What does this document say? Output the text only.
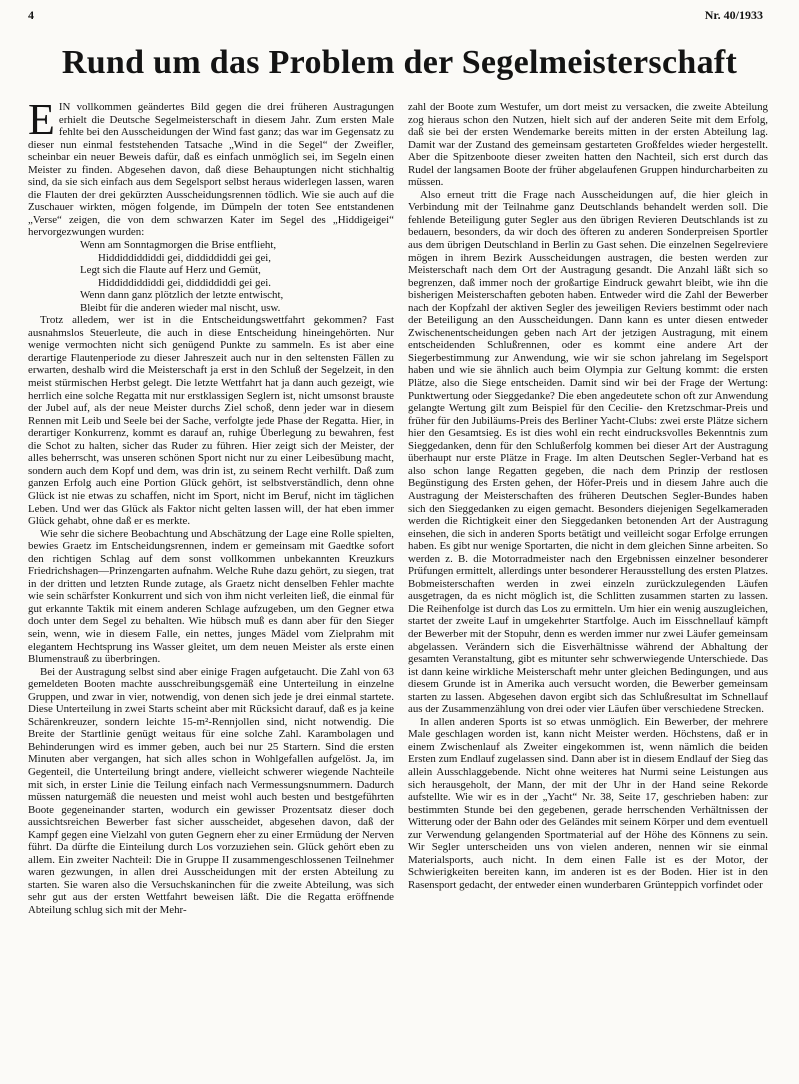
4	Nr. 40/1933
Rund um das Problem der Segelmeisterschaft

EIN vollkommen geändertes Bild gegen die drei früheren Austragungen erhielt die Deutsche Segelmeisterschaft in diesem Jahr. Zum ersten Male fehlte bei den Ausscheidungen der Wind fast ganz; das war im Gegensatz zu dieser nun einmal feststehenden Tatsache „Wind in die Segel“ der Zweifler, scheinbar ein neuer Beweis dafür, daß es einfach unmöglich sei, im Segeln einen Meister zu finden. Abgesehen davon, daß diese Behauptungen nicht stichhaltig sind, da sie sich einfach aus dem Segelsport selbst heraus widerlegen lassen, waren die Flauten der drei gekürzten Ausscheidungsrennen tödlich. Wie sie auch auf die Zuschauer wirkten, mögen folgende, im Dümpeln der toten See entstandenen „Verse“ zeigen, die von dem schwarzen Kater im Segel des „Hiddigeigei“ hervorgezwungen wurden:

Wenn am Sonntagmorgen die Brise entflieht,
Hiddiddiddiddi gei, diddiddiddi gei gei,
Legt sich die Flaute auf Herz und Gemüt,
Hiddiddiddiddi gei, diddiddiddi gei gei.
Wenn dann ganz plötzlich der letzte entwischt,
Bleibt für die anderen wieder mal nischt, usw.

Trotz alledem, wer ist in die Entscheidungswettfahrt gekommen? Fast ausnahmslos Steuerleute, die auch in diese Entscheidung hineingehörten. Nur wenige vermochten nicht sich genügend Punkte zu sammeln. Es ist aber eine derartige Flautenperiode zu dieser Jahreszeit auch nur in den seltensten Fällen zu erwarten, deshalb wird die Meisterschaft ja erst in den Schluß der Segelzeit, in den meist stürmischen Herbst gelegt. Die letzte Wettfahrt hat ja dann auch gezeigt, wie herrlich eine solche Regatta mit nur erstklassigen Seglern ist, nicht umsonst brauste der Jubel auf, als der neue Meister durchs Ziel schoß, denn jeder war in diesem Rennen mit Leib und Seele bei der Sache, verfolgte jede Phase der Regatta. Hier, in derartiger Konkurrenz, kommt es darauf an, ruhige Überlegung zu bewahren, fest die Schot zu halten, sicher das Ruder zu führen. Hier zeigt sich der Meister, der alles beherrscht, was unseren schönen Sport nicht nur zu einer Leibesübung macht, sondern auch dem Kopf und dem, was drin ist, zu seinem Recht verhilft. Daß zum ganzen Erfolg auch eine Portion Glück gehört, ist selbstverständlich, denn ohne Glück ist nie etwas zu schaffen, nicht im Sport, nicht im Beruf, nicht im täglichen Leben. Und wer das Glück als Faktor nicht gelten lassen will, der hat eben immer Glück gehabt, ohne daß er es merkte.

Wie sehr die sichere Beobachtung und Abschätzung der Lage eine Rolle spielten, bewies Graetz im Entscheidungsrennen, indem er gemeinsam mit Gaedtke sofort den richtigen Schlag auf dem sonst vollkommen unbekannten Kreuzkurs Friedrichshagen—Prinzengarten aufnahm. Welche Ruhe dazu gehört, zu siegen, trat in der dritten und letzten Runde zutage, als Graetz nicht denselben Fehler machte wie sein schärfster Konkurrent und sich von ihm nicht verleiten ließ, die einmal für gut erkannte Taktik mit einem anderen Schlage aufzugeben, um den Gegner etwa doch unter dem Segel zu behalten. Wie hübsch muß es dann aber für den Sieger sein, wenn, wie in diesem Falle, ein nettes, junges Mädel vom Zielprahm mit elegantem Hechtsprung ins Wasser gleitet, um dem neuen Meister als erste einen Blumenstrauß zu überbringen.

Bei der Austragung selbst sind aber einige Fragen aufgetaucht. Die Zahl von 63 gemeldeten Booten machte ausschreibungsgemäß eine Unterteilung in einzelne Gruppen, und zwar in vier, notwendig, von denen sich jede je drei einmal startete. Diese Unterteilung in zwei Starts scheint aber mit Rücksicht darauf, daß es ja keine Schärenkreuzer, sondern leichte 15-m²-Rennjollen sind, nicht notwendig. Die Breite der Startlinie genügt weitaus für eine solche Zahl. Karambolagen und Behinderungen wird es immer geben, auch bei nur 25 Startern. Sind die ersten Minuten aber vergangen, hat sich alles schon in Wohlgefallen aufgelöst. Ja, im Gegenteil, die Unterteilung bringt andere, vielleicht schwerer wiegende Nachteile mit sich, in erster Linie die Teilung einfach nach Vermessungsnummern. Dadurch müssen naturgemäß die neuesten und meist wohl auch besten und bestgeführten Boote gegeneinander starten, wodurch ein gewisser Prozentsatz dieser doch aussichtsreichen Bewerber fast sicher ausscheidet, abgesehen davon, daß der Kampf gegen eine Vielzahl von guten Gegnern eher zu einer Ermüdung der Nerven führt. Da dürfte die Einteilung durch Los vorzuziehen sein. Glück gehört eben zu allem. Ein zweiter Nachteil: Die in Gruppe II zusammengeschlossenen Teilnehmer waren gezwungen, in allen drei Ausscheidungen mit der ersten Abteilung zu starten. Sie waren also die Versuchskaninchen für die zweite Abteilung, was sich sehr gut aus der ersten Wettfahrt beweisen läßt. Die die Regatta eröffnende Abteilung schlug sich mit der Mehr-

zahl der Boote zum Westufer, um dort meist zu versacken, die zweite Abteilung zog hieraus schon den Nutzen, hielt sich auf der anderen Seite mit dem Erfolg, daß sie bei der ersten Wendemarke bereits mitten in der ersten Abteilung lag. Damit war der Zustand des gemeinsam gestarteten Großfeldes wieder hergestellt. Aber die Spitzenboote dieser zweiten hatten den Nachteil, sich erst durch das Rudel der langsamen Boote der früher abgelaufenen Gruppen hindurcharbeiten zu müssen.

Also erneut tritt die Frage nach Ausscheidungen auf, die hier gleich in Verbindung mit der Teilnahme ganz Deutschlands behandelt werden soll. Die fehlende Beteiligung guter Segler aus den übrigen Revieren Deutschlands ist zu bedauern, besonders, da wir doch des öfteren zu anderen Sonderpreisen Sportler aus dem übrigen Deutschland in Berlin zu Gast sehen. Die einzelnen Segelreviere mögen in ihrem Bezirk Ausscheidungen austragen, die besten werden zur Meisterschaft nach dem Ort der Austragung gesandt. Die Anzahl läßt sich so begrenzen, daß immer noch der großartige Eindruck gewahrt bleibt, wie ihn die bisherigen Meisterschaften geboten haben. Entweder wird die Zahl der Bewerber nach der Kopfzahl der aktiven Segler des jeweiligen Reviers bestimmt oder nach der Beteiligung an den Ausscheidungen. Dann kann es unter diesen entweder Zwischenentscheidungen geben nach Art der jetzigen Austragung, mit einem entscheidenden Schlußrennen, oder es kommt eine andere Art der Siegerbestimmung zur Anwendung, wie wir sie schon jahrelang im Segelsport haben und wie sie ähnlich auch beim Olympia zur Geltung kommt: die ersten Plätze, also die Siege entscheiden. Damit sind wir bei der Frage der Wertung: Punktwertung oder Sieggedanke? Die eben angedeutete schon oft zur Anwendung gelangte Wertung gilt zum Beispiel für den Cecilie- den Kretzschmar-Preis und früher für den Jubiläums-Preis des Berliner Yacht-Clubs: zwei erste Plätze sichern hier den Gesamtsieg. Es ist dies wohl ein recht eindrucksvolles Bekenntnis zum Sieggedanken, denn für den Schlußerfolg kommen bei dieser Art der Austragung überhaupt nur erste Plätze in Frage. Im alten Deutschen Segler-Verband hat es also schon lange Regatten gegeben, die nach dem Prinzip der restlosen Begünstigung des Ersten gehen, der Höfer-Preis und in diesem Jahre auch die Austragung der Meisterschaften des früheren Deutschen Segler-Bundes haben sich den Sieggedanken zu eigen gemacht. Besonders diejenigen Segelkameraden werden die Richtigkeit einer den Sieggedanken betonenden Art der Austragung einsehen, die sich in anderen Sports betätigt und veilleicht sogar Erfolge errungen haben. Es gibt nur wenige Sportarten, die nicht in dem gleichen Sinne arbeiten. So werden z. B. die Motorradmeister nach den Ergebnissen einzelner besonderer Prüfungen ermittelt, allerdings unter besonderer Herausstellung des ersten Platzes. Bobmeisterschaften werden in zwei einzeln zurückzulegenden Läufen ausgetragen, da es nicht möglich ist, die Schlitten zusammen starten zu lassen. Die Reihenfolge ist durch das Los zu ermitteln. Um hier ein wenig auszugleichen, startet der zweite Lauf in umgekehrter Startfolge. Auch im Eisschnellauf kämpft der Bewerber mit der Stopuhr, denn es werden immer nur zwei Läufer gemeinsam abgelassen. Verändern sich die Eisverhältnisse während der Abhaltung der gesamten Veranstaltung, gibt es mitunter sehr schwerwiegende Unterschiede. Das ist dann keine wirkliche Meisterschaft mehr unter gleichen Bedingungen, und aus diesem Grunde ist in Amerika auch versucht worden, die Bewerber gemeinsam starten zu lassen. Abgesehen davon ergibt sich das Schlußresultat im Schnellauf aus der Zusammenzählung von drei oder vier Läufen über verschiedene Strecken.

In allen anderen Sports ist so etwas unmöglich. Ein Bewerber, der mehrere Male geschlagen worden ist, kann nicht Meister werden. Höchstens, daß er in einem Zwischenlauf als Zweiter eingekommen ist, wenn nämlich die beiden Ersten zum Endlauf zugelassen sind. Dann aber ist in diesem Endlauf der Sieg das allein Ausschlaggebende. Nicht ohne weiteres hat Nurmi seine Leistungen aus sich herausgeholt, der Mann, der mit der Uhr in der Hand seine Rekorde aufstellte. Wie wir es in der „Yacht“ Nr. 38, Seite 17, geschrieben haben: zur bestimmten Stunde bei den gegebenen, gerade herrschenden Verhältnissen der Witterung oder der Bahn oder des Geländes mit seinem Körper und dem eventuell zur Verwendung gelangenden Sportmaterial auf der Höhe des Könnens zu sein. Wir Segler unterscheiden uns von vielen anderen, nennen wir sie einmal Materialsports, auch nicht. In dem einen Falle ist es der Motor, der Schwierigkeiten bereiten kann, im anderen ist es der Boden. Hier ist in den Rasensport gedacht, der entweder einen wunderbaren Grünteppich vorfindet oder
